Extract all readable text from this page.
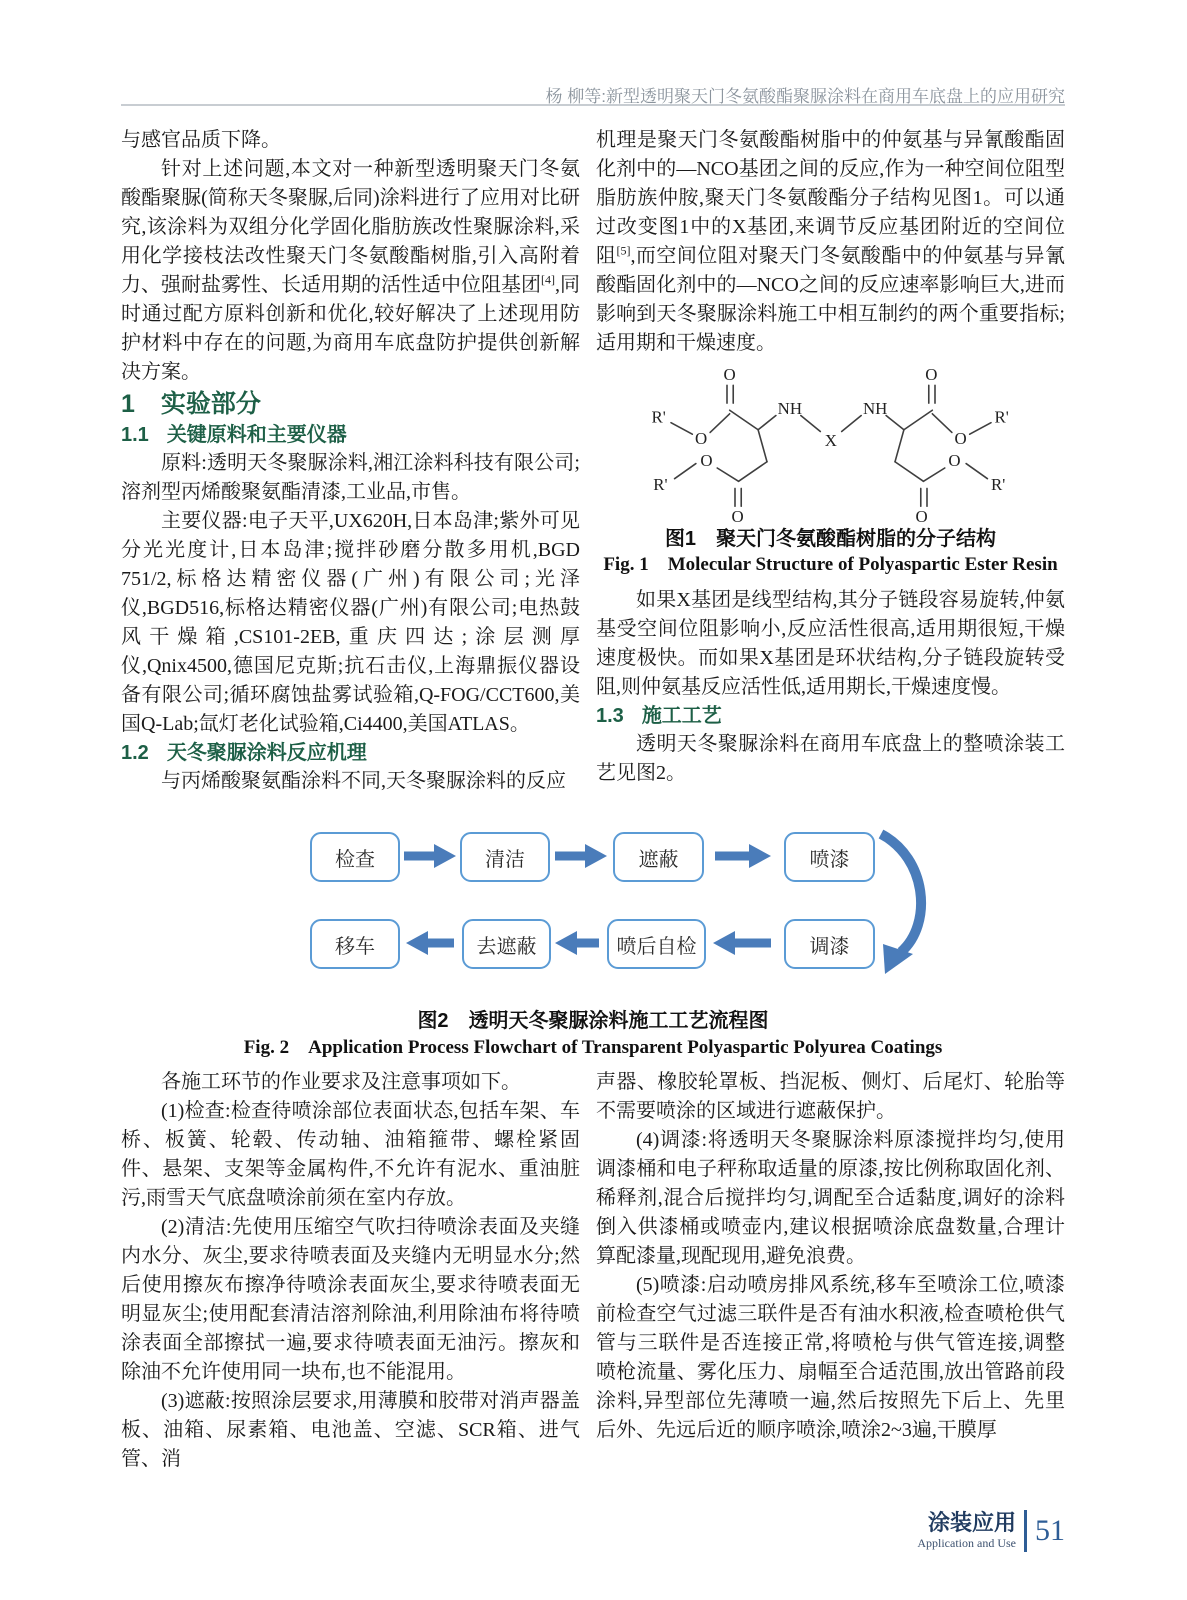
杨 柳等:新型透明聚天门冬氨酸酯聚脲涂料在商用车底盘上的应用研究

与感官品质下降。

针对上述问题,本文对一种新型透明聚天门冬氨酸酯聚脲(简称天冬聚脲,后同)涂料进行了应用对比研究,该涂料为双组分化学固化脂肪族改性聚脲涂料,采用化学接枝法改性聚天门冬氨酸酯树脂,引入高附着力、强耐盐雾性、长适用期的活性适中位阻基团[4],同时通过配方原料创新和优化,较好解决了上述现用防护材料中存在的问题,为商用车底盘防护提供创新解决方案。

1 实验部分

1.1 关键原料和主要仪器

原料:透明天冬聚脲涂料,湘江涂料科技有限公司;溶剂型丙烯酸聚氨酯清漆,工业品,市售。

主要仪器:电子天平,UX620H,日本岛津;紫外可见分光光度计,日本岛津;搅拌砂磨分散多用机,BGD 751/2,标格达精密仪器(广州)有限公司;光泽仪,BGD516,标格达精密仪器(广州)有限公司;电热鼓风干燥箱,CS101-2EB,重庆四达;涂层测厚仪,Qnix4500,德国尼克斯;抗石击仪,上海鼎振仪器设备有限公司;循环腐蚀盐雾试验箱,Q-FOG/CCT600,美国Q-Lab;氙灯老化试验箱,Ci4400,美国ATLAS。

1.2 天冬聚脲涂料反应机理

与丙烯酸聚氨酯涂料不同,天冬聚脲涂料的反应

机理是聚天门冬氨酸酯树脂中的仲氨基与异氰酸酯固化剂中的—NCO基团之间的反应,作为一种空间位阻型脂肪族仲胺,聚天门冬氨酸酯分子结构见图1。可以通过改变图1中的X基团,来调节反应基团附近的空间位阻[5],而空间位阻对聚天门冬氨酸酯中的仲氨基与异氰酸酯固化剂中的—NCO之间的反应速率影响巨大,进而影响到天冬聚脲涂料施工中相互制约的两个重要指标;适用期和干燥速度。

R'
O
O
NH
X
NH
O
R'
O
O
O
R'
O
O
R'

图1 聚天门冬氨酸酯树脂的分子结构

Fig. 1 Molecular Structure of Polyaspartic Ester Resin

如果X基团是线型结构,其分子链段容易旋转,仲氨基受空间位阻影响小,反应活性很高,适用期很短,干燥速度极快。而如果X基团是环状结构,分子链段旋转受阻,则仲氨基反应活性低,适用期长,干燥速度慢。

1.3 施工工艺

透明天冬聚脲涂料在商用车底盘上的整喷涂装工艺见图2。

检查	清洁	遮蔽	喷漆
移车	去遮蔽	喷后自检	调漆

图2 透明天冬聚脲涂料施工工艺流程图

Fig. 2 Application Process Flowchart of Transparent Polyaspartic Polyurea Coatings

各施工环节的作业要求及注意事项如下。

(1)检查:检查待喷涂部位表面状态,包括车架、车桥、板簧、轮毂、传动轴、油箱箍带、螺栓紧固件、悬架、支架等金属构件,不允许有泥水、重油脏污,雨雪天气底盘喷涂前须在室内存放。

(2)清洁:先使用压缩空气吹扫待喷涂表面及夹缝内水分、灰尘,要求待喷表面及夹缝内无明显水分;然后使用擦灰布擦净待喷涂表面灰尘,要求待喷表面无明显灰尘;使用配套清洁溶剂除油,利用除油布将待喷涂表面全部擦拭一遍,要求待喷表面无油污。擦灰和除油不允许使用同一块布,也不能混用。

(3)遮蔽:按照涂层要求,用薄膜和胶带对消声器盖板、油箱、尿素箱、电池盖、空滤、SCR箱、进气管、消

声器、橡胶轮罩板、挡泥板、侧灯、后尾灯、轮胎等不需要喷涂的区域进行遮蔽保护。

(4)调漆:将透明天冬聚脲涂料原漆搅拌均匀,使用调漆桶和电子秤称取适量的原漆,按比例称取固化剂、稀释剂,混合后搅拌均匀,调配至合适黏度,调好的涂料倒入供漆桶或喷壶内,建议根据喷涂底盘数量,合理计算配漆量,现配现用,避免浪费。

(5)喷漆:启动喷房排风系统,移车至喷涂工位,喷漆前检查空气过滤三联件是否有油水积液,检查喷枪供气管与三联件是否连接正常,将喷枪与供气管连接,调整喷枪流量、雾化压力、扇幅至合适范围,放出管路前段涂料,异型部位先薄喷一遍,然后按照先下后上、先里后外、先远后近的顺序喷涂,喷涂2~3遍,干膜厚

涂装应用
Application and Use 51
